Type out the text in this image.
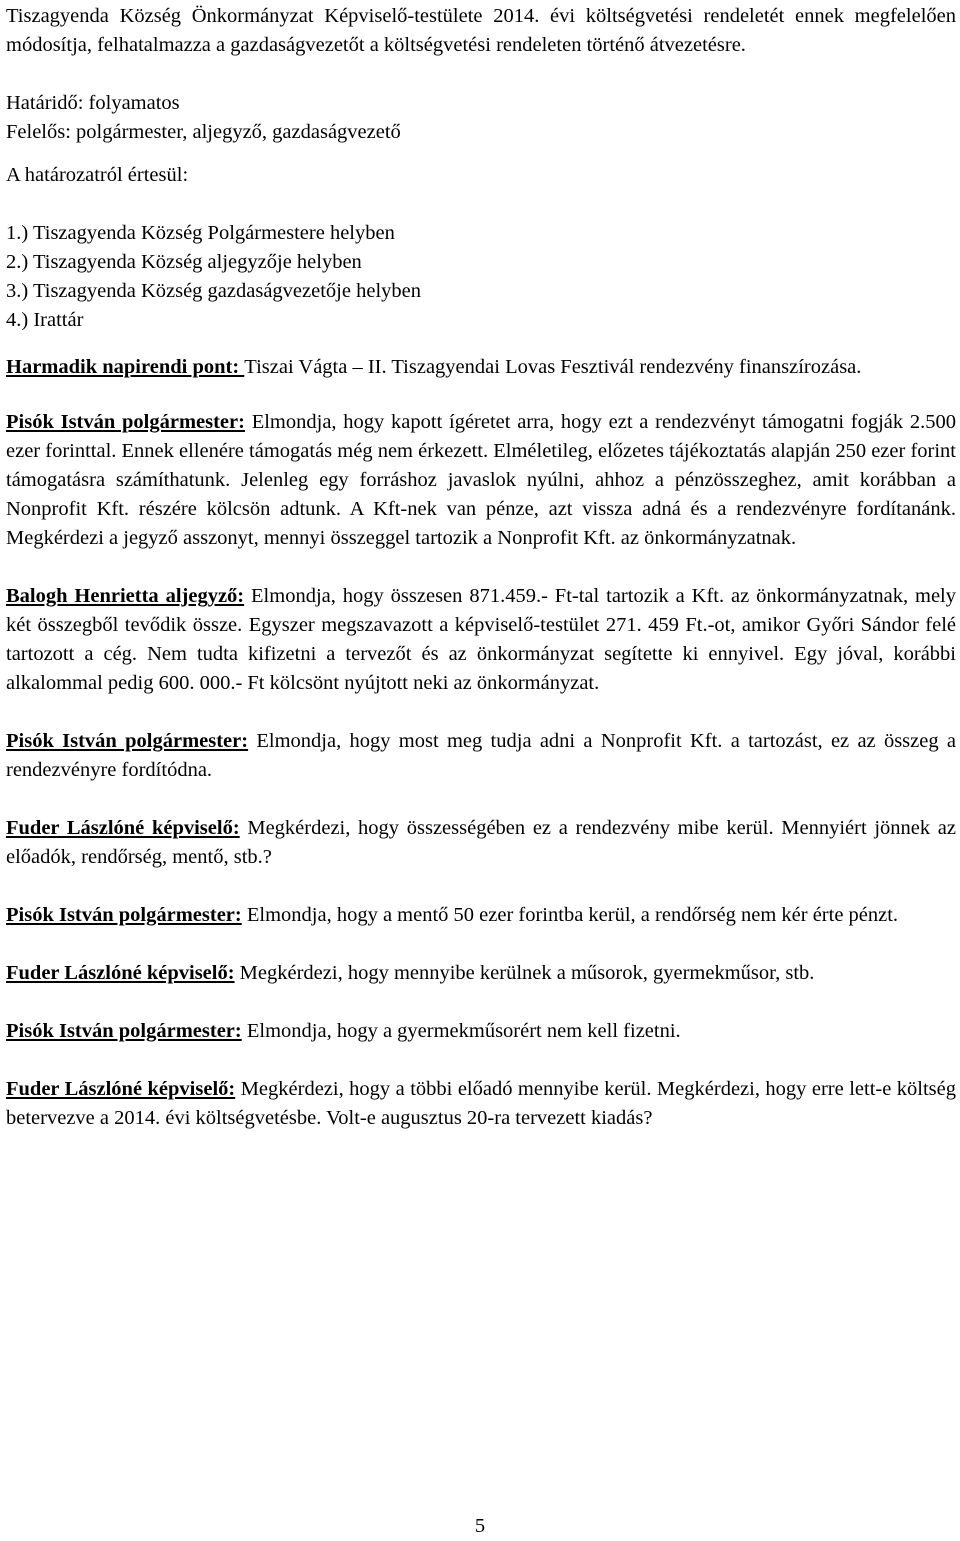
Tiszagyenda Község Önkormányzat Képviselő-testülete 2014. évi költségvetési rendeletét ennek megfelelően módosítja, felhatalmazza a gazdaságvezetőt a költségvetési rendeleten történő átvezetésre.

Határidő: folyamatos

Felelős: polgármester, aljegyző, gazdaságvezető

A határozatról értesül:

1.) Tiszagyenda Község Polgármestere helyben
2.) Tiszagyenda Község aljegyzője helyben
3.) Tiszagyenda Község gazdaságvezetője helyben
4.) Irattár

Harmadik napirendi pont: Tiszai Vágta – II. Tiszagyendai Lovas Fesztivál rendezvény finanszírozása.

Pisók István polgármester: Elmondja, hogy kapott ígéretet arra, hogy ezt a rendezvényt támogatni fogják 2.500 ezer forinttal. Ennek ellenére támogatás még nem érkezett. Elméletileg, előzetes tájékoztatás alapján 250 ezer forint támogatásra számíthatunk. Jelenleg egy forráshoz javaslok nyúlni, ahhoz a pénzösszeghez, amit korábban a Nonprofit Kft. részére kölcsön adtunk. A Kft-nek van pénze, azt vissza adná és a rendezvényre fordítanánk. Megkérdezi a jegyző asszonyt, mennyi összeggel tartozik a Nonprofit Kft. az önkormányzatnak.

Balogh Henrietta aljegyző: Elmondja, hogy összesen 871.459.- Ft-tal tartozik a Kft. az önkormányzatnak, mely két összegből tevődik össze. Egyszer megszavazott a képviselő-testület 271. 459 Ft.-ot, amikor Győri Sándor felé tartozott a cég. Nem tudta kifizetni a tervezőt és az önkormányzat segítette ki ennyivel. Egy jóval, korábbi alkalommal pedig 600. 000.- Ft kölcsönt nyújtott neki az önkormányzat.

Pisók István polgármester: Elmondja, hogy most meg tudja adni a Nonprofit Kft. a tartozást, ez az összeg a rendezvényre fordítódna.

Fuder Lászlóné képviselő: Megkérdezi, hogy összességében ez a rendezvény mibe kerül. Mennyiért jönnek az előadók, rendőrség, mentő, stb.?

Pisók István polgármester: Elmondja, hogy a mentő 50 ezer forintba kerül, a rendőrség nem kér érte pénzt.

Fuder Lászlóné képviselő: Megkérdezi, hogy mennyibe kerülnek a műsorok, gyermekműsor, stb.

Pisók István polgármester: Elmondja, hogy a gyermekműsorért nem kell fizetni.

Fuder Lászlóné képviselő: Megkérdezi, hogy a többi előadó mennyibe kerül. Megkérdezi, hogy erre lett-e költség betervezve a 2014. évi költségvetésbe. Volt-e augusztus 20-ra tervezett kiadás?

5
